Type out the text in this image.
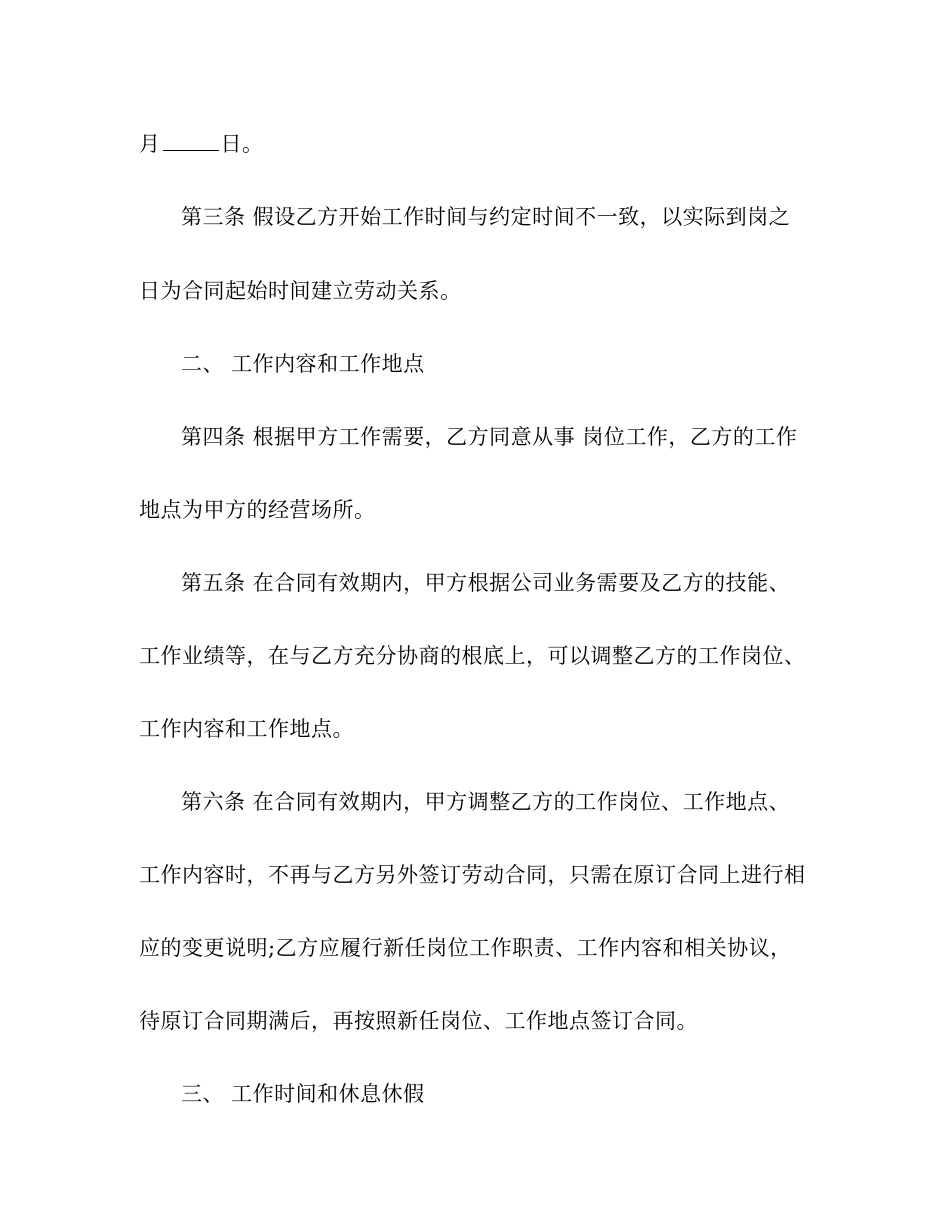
月	日。
第三条 假设乙方开始工作时间与约定时间不一致，以实际到岗之
日为合同起始时间建立劳动关系。
二、 工作内容和工作地点
第四条 根据甲方工作需要，乙方同意从事 岗位工作，乙方的工作
地点为甲方的经营场所。
第五条 在合同有效期内，甲方根据公司业务需要及乙方的技能、
工作业绩等，在与乙方充分协商的根底上，可以调整乙方的工作岗位、
工作内容和工作地点。
第六条 在合同有效期内，甲方调整乙方的工作岗位、工作地点、
工作内容时，不再与乙方另外签订劳动合同，只需在原订合同上进行相
应的变更说明;乙方应履行新任岗位工作职责、工作内容和相关协议，
待原订合同期满后，再按照新任岗位、工作地点签订合同。
三、 工作时间和休息休假
